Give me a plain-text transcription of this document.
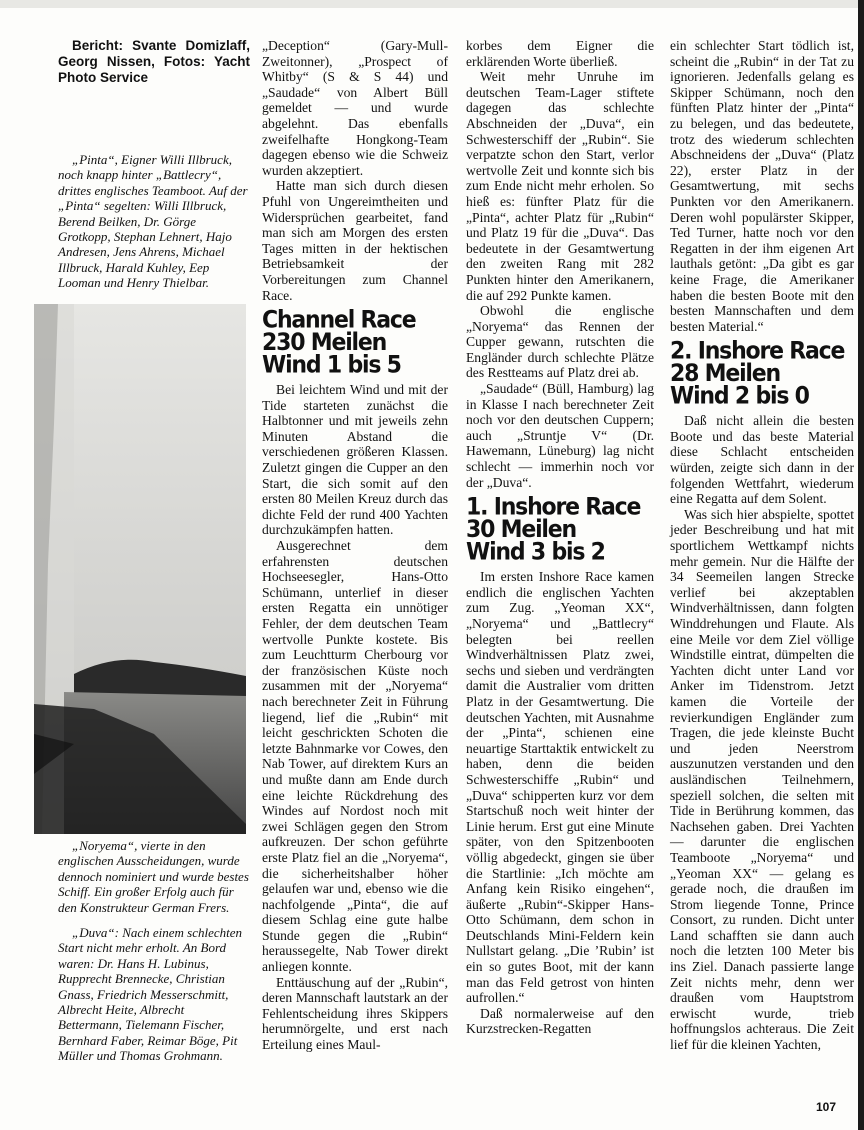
Bericht: Svante Domizlaff, Georg Nissen, Fotos: Yacht Photo Service

„Pinta“, Eigner Willi Illbruck, noch knapp hinter „Battlecry“, drittes englisches Teamboot. Auf der „Pinta“ segelten: Willi Illbruck, Berend Beilken, Dr. Görge Grotkopp, Stephan Lehnert, Hajo Andresen, Jens Ahrens, Michael Illbruck, Harald Kuhley, Eep Looman und Henry Thielbar.

„Noryema“, vierte in den englischen Ausscheidungen, wurde dennoch nominiert und wurde bestes Schiff. Ein großer Erfolg auch für den Konstrukteur German Frers.

„Duva“: Nach einem schlechten Start nicht mehr erholt. An Bord waren: Dr. Hans H. Lubinus, Rupprecht Brennecke, Christian Gnass, Friedrich Messerschmitt, Albrecht Heite, Albrecht Bettermann, Tielemann Fischer, Bernhard Faber, Reimar Böge, Pit Müller und Thomas Grohmann.

„Deception“ (Gary-Mull-Zweitonner), „Prospect of Whitby“ (S & S 44) und „Saudade“ von Albert Büll gemeldet — und wurde abgelehnt. Das ebenfalls zweifelhafte Hongkong-Team dagegen ebenso wie die Schweiz wurden akzeptiert.

Hatte man sich durch diesen Pfuhl von Ungereimtheiten und Widersprüchen gearbeitet, fand man sich am Morgen des ersten Tages mitten in der hektischen Betriebsamkeit der Vorbereitungen zum Channel Race.

Channel Race
230 Meilen
Wind 1 bis 5

Bei leichtem Wind und mit der Tide starteten zunächst die Halbtonner und mit jeweils zehn Minuten Abstand die verschiedenen größeren Klassen. Zuletzt gingen die Cupper an den Start, die sich somit auf den ersten 80 Meilen Kreuz durch das dichte Feld der rund 400 Yachten durchzukämpfen hatten.

Ausgerechnet dem erfahrensten deutschen Hochseesegler, Hans-Otto Schümann, unterlief in dieser ersten Regatta ein unnötiger Fehler, der dem deutschen Team wertvolle Punkte kostete. Bis zum Leuchtturm Cherbourg vor der französischen Küste noch zusammen mit der „Noryema“ nach berechneter Zeit in Führung liegend, lief die „Rubin“ mit leicht geschrickten Schoten die letzte Bahnmarke vor Cowes, den Nab Tower, auf direktem Kurs an und mußte dann am Ende durch eine leichte Rückdrehung des Windes auf Nordost noch mit zwei Schlägen gegen den Strom aufkreuzen. Der schon geführte erste Platz fiel an die „Noryema“, die sicherheitshalber höher gelaufen war und, ebenso wie die nachfolgende „Pinta“, die auf diesem Schlag eine gute halbe Stunde gegen die „Rubin“ heraussegelte, Nab Tower direkt anliegen konnte.

Enttäuschung auf der „Rubin“, deren Mannschaft lautstark an der Fehlentscheidung ihres Skippers herumnörgelte, und erst nach Erteilung eines Maul-

korbes dem Eigner die erklärenden Worte überließ.

Weit mehr Unruhe im deutschen Team-Lager stiftete dagegen das schlechte Abschneiden der „Duva“, ein Schwesterschiff der „Rubin“. Sie verpatzte schon den Start, verlor wertvolle Zeit und konnte sich bis zum Ende nicht mehr erholen. So hieß es: fünfter Platz für die „Pinta“, achter Platz für „Rubin“ und Platz 19 für die „Duva“. Das bedeutete in der Gesamtwertung den zweiten Rang mit 282 Punkten hinter den Amerikanern, die auf 292 Punkte kamen.

Obwohl die englische „Noryema“ das Rennen der Cupper gewann, rutschten die Engländer durch schlechte Plätze des Restteams auf Platz drei ab.

„Saudade“ (Büll, Hamburg) lag in Klasse I nach berechneter Zeit noch vor den deutschen Cuppern; auch „Struntje V“ (Dr. Hawemann, Lüneburg) lag nicht schlecht — immerhin noch vor der „Duva“.

1. Inshore Race
30 Meilen
Wind 3 bis 2

Im ersten Inshore Race kamen endlich die englischen Yachten zum Zug. „Yeoman XX“, „Noryema“ und „Battlecry“ belegten bei reellen Windverhältnissen Platz zwei, sechs und sieben und verdrängten damit die Australier vom dritten Platz in der Gesamtwertung. Die deutschen Yachten, mit Ausnahme der „Pinta“, schienen eine neuartige Starttaktik entwickelt zu haben, denn die beiden Schwesterschiffe „Rubin“ und „Duva“ schipperten kurz vor dem Startschuß noch weit hinter der Linie herum. Erst gut eine Minute später, von den Spitzenbooten völlig abgedeckt, gingen sie über die Startlinie: „Ich möchte am Anfang kein Risiko eingehen“, äußerte „Rubin“-Skipper Hans-Otto Schümann, dem schon in Deutschlands Mini-Feldern kein Nullstart gelang. „Die ’Rubin’ ist ein so gutes Boot, mit der kann man das Feld getrost von hinten aufrollen.“

Daß normalerweise auf den Kurzstrecken-Regatten

ein schlechter Start tödlich ist, scheint die „Rubin“ in der Tat zu ignorieren. Jedenfalls gelang es Skipper Schümann, noch den fünften Platz hinter der „Pinta“ zu belegen, und das bedeutete, trotz des wiederum schlechten Abschneidens der „Duva“ (Platz 22), erster Platz in der Gesamtwertung, mit sechs Punkten vor den Amerikanern. Deren wohl populärster Skipper, Ted Turner, hatte noch vor den Regatten in der ihm eigenen Art lauthals getönt: „Da gibt es gar keine Frage, die Amerikaner haben die besten Boote mit den besten Mannschaften und dem besten Material.“

2. Inshore Race
28 Meilen
Wind 2 bis 0

Daß nicht allein die besten Boote und das beste Material diese Schlacht entscheiden würden, zeigte sich dann in der folgenden Wettfahrt, wiederum eine Regatta auf dem Solent.

Was sich hier abspielte, spottet jeder Beschreibung und hat mit sportlichem Wettkampf nichts mehr gemein. Nur die Hälfte der 34 Seemeilen langen Strecke verlief bei akzeptablen Windverhältnissen, dann folgten Winddrehungen und Flaute. Als eine Meile vor dem Ziel völlige Windstille eintrat, dümpelten die Yachten dicht unter Land vor Anker im Tidenstrom. Jetzt kamen die Vorteile der revierkundigen Engländer zum Tragen, die jede kleinste Bucht und jeden Neerstrom auszunutzen verstanden und den ausländischen Teilnehmern, speziell solchen, die selten mit Tide in Berührung kommen, das Nachsehen gaben. Drei Yachten — darunter die englischen Teamboote „Noryema“ und „Yeoman XX“ — gelang es gerade noch, die draußen im Strom liegende Tonne, Prince Consort, zu runden. Dicht unter Land schafften sie dann auch noch die letzten 100 Meter bis ins Ziel. Danach passierte lange Zeit nichts mehr, denn wer draußen vom Hauptstrom erwischt wurde, trieb hoffnungslos achteraus. Die Zeit lief für die kleinen Yachten,

107
